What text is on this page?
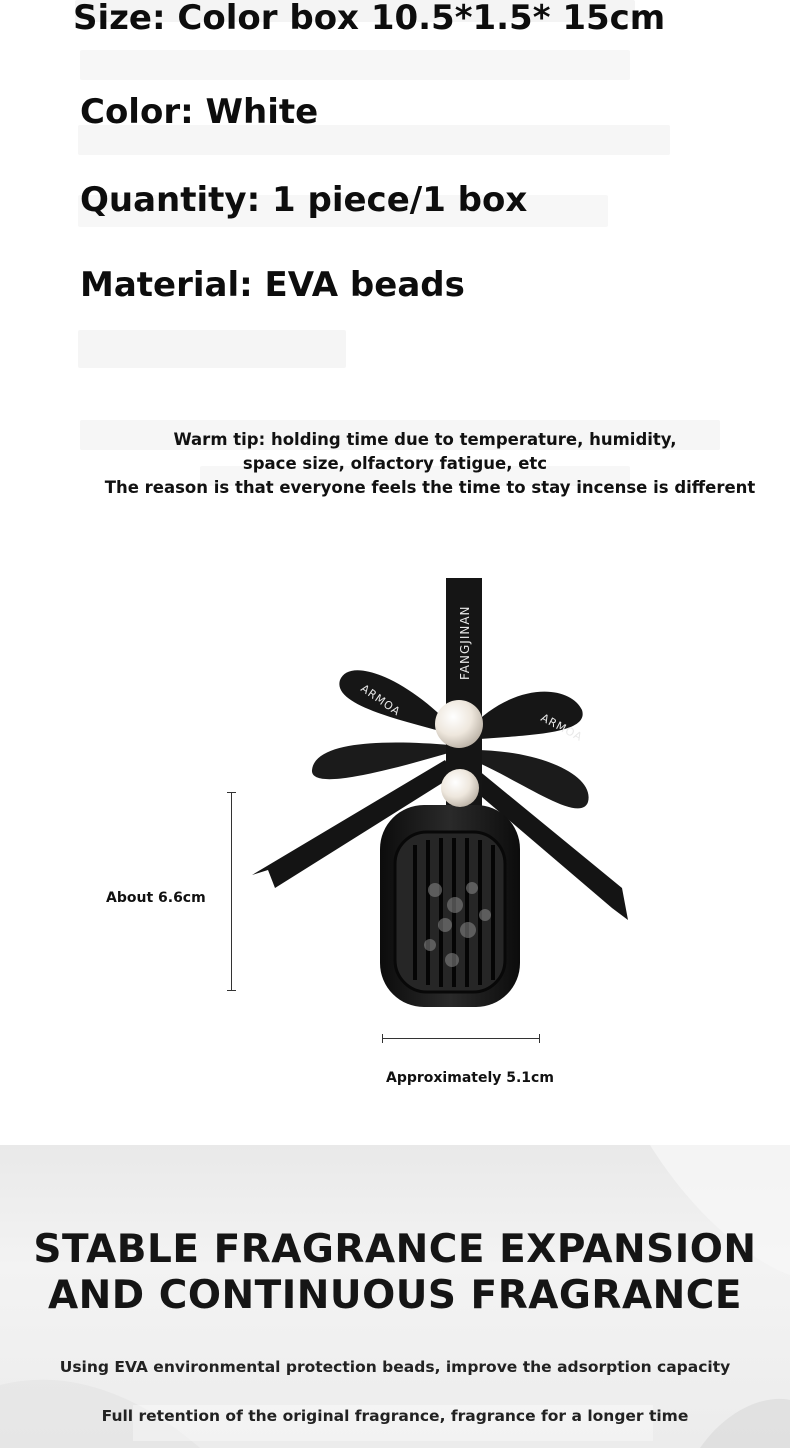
Size: Color box 10.5*1.5* 15cm

Color: White

Quantity: 1 piece/1 box

Material: EVA beads

Warm tip: holding time due to temperature, humidity,

space size, olfactory fatigue, etc

The reason is that everyone feels the time to stay incense is different

FANGJINAN
ARMOA
ARMOA
About 6.6cm
Approximately 5.1cm
STABLE FRAGRANCE EXPANSION
AND CONTINUOUS FRAGRANCE

Using EVA environmental protection beads, improve the adsorption capacity

Full retention of the original fragrance, fragrance for a longer time
